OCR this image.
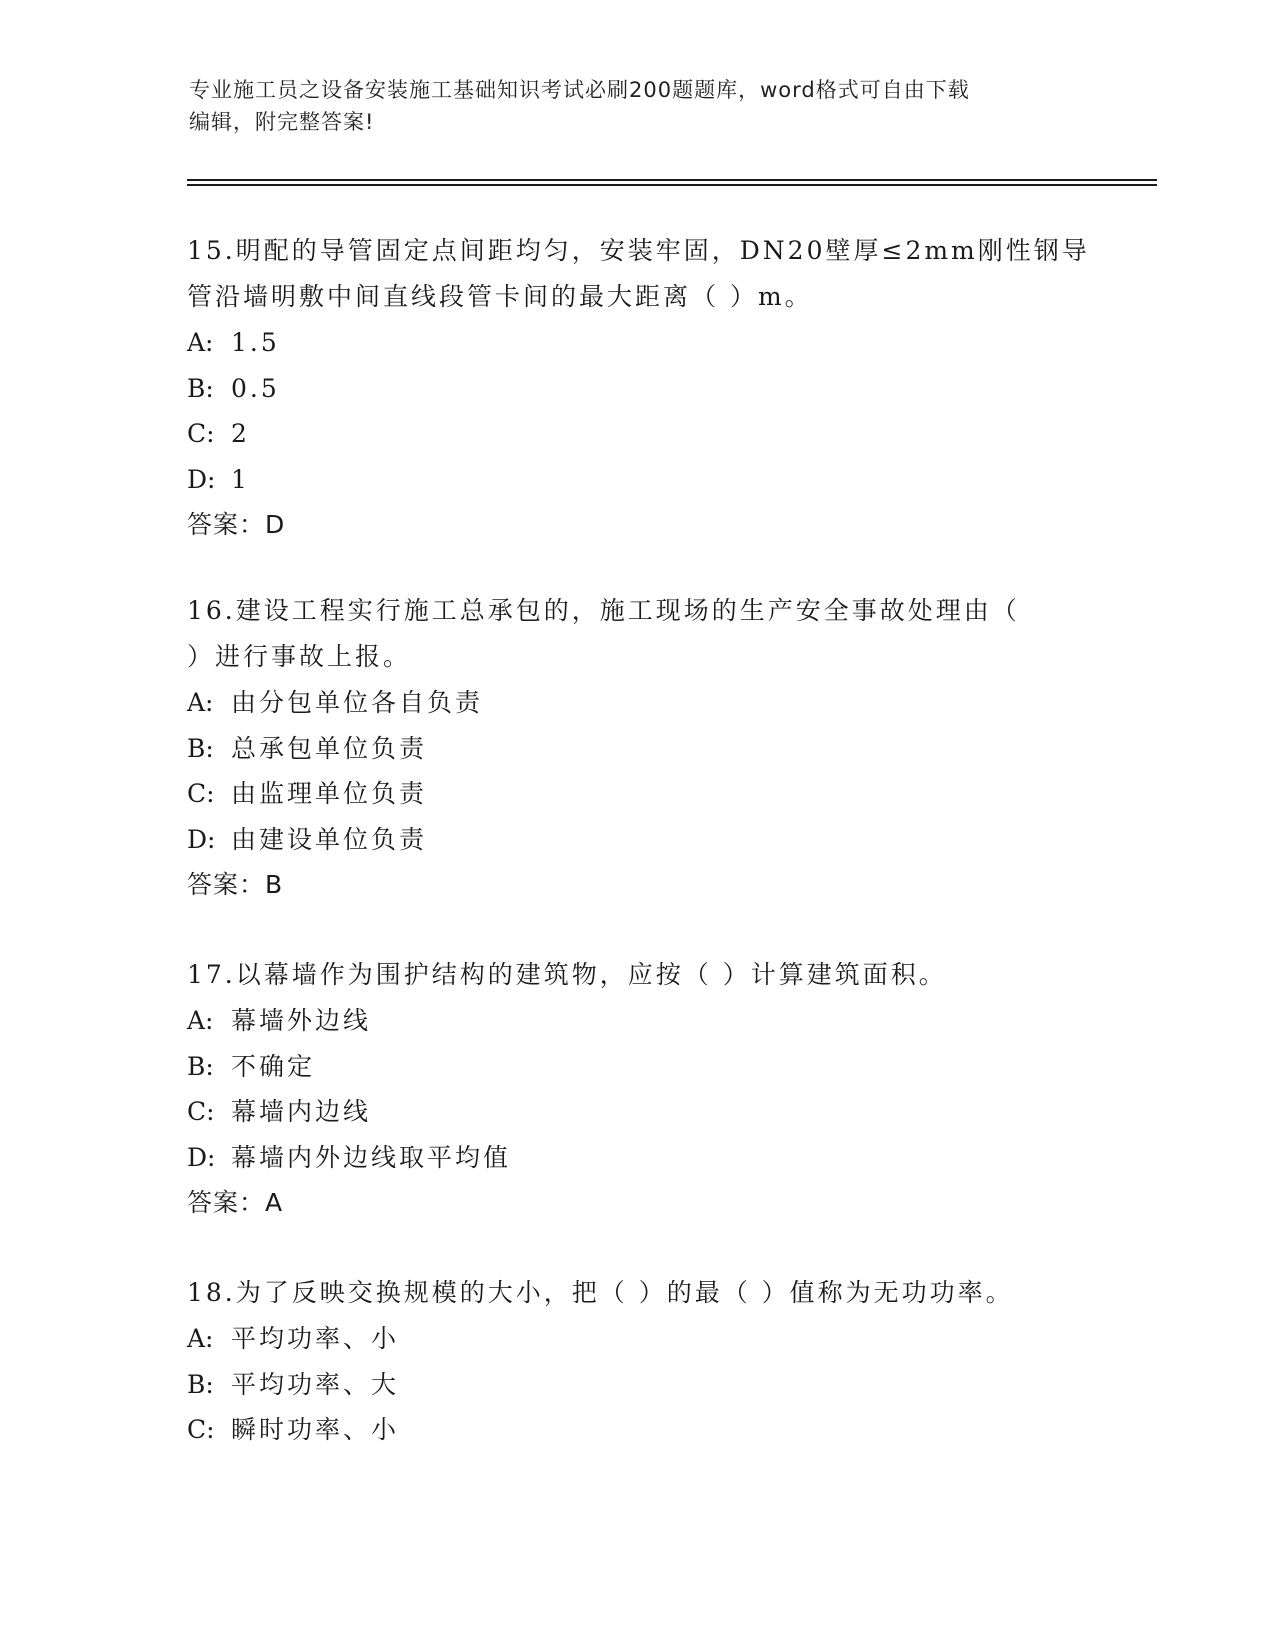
专业施工员之设备安装施工基础知识考试必刷200题题库，word格式可自由下载
编辑，附完整答案!
15.明配的导管固定点间距均匀，安装牢固，DN20壁厚≤2mm刚性钢导
管沿墙明敷中间直线段管卡间的最大距离（ ）m。
A: 1.5
B: 0.5
C: 2
D: 1
答案：D
16.建设工程实行施工总承包的，施工现场的生产安全事故处理由（
）进行事故上报。
A: 由分包单位各自负责
B: 总承包单位负责
C: 由监理单位负责
D: 由建设单位负责
答案：B
17.以幕墙作为围护结构的建筑物，应按（ ）计算建筑面积。
A: 幕墙外边线
B: 不确定
C: 幕墙内边线
D: 幕墙内外边线取平均值
答案：A
18.为了反映交换规模的大小，把（ ）的最（ ）值称为无功功率。
A: 平均功率、小
B: 平均功率、大
C: 瞬时功率、小
